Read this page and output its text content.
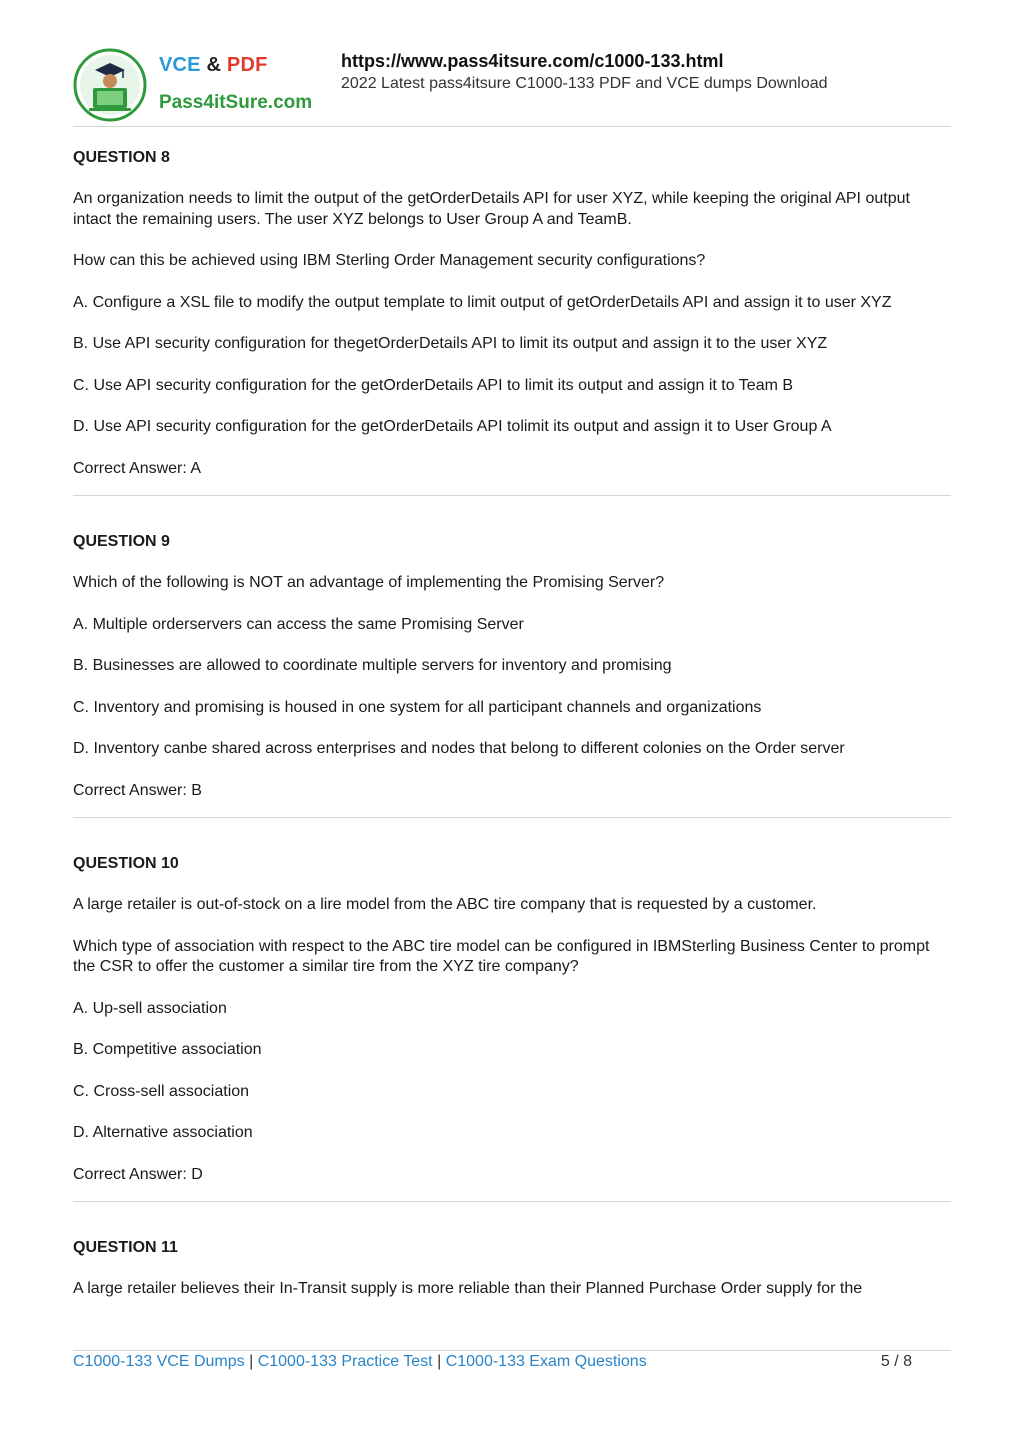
VCE & PDF
Pass4itSure.com
https://www.pass4itsure.com/c1000-133.html
2022 Latest pass4itsure C1000-133 PDF and VCE dumps Download
QUESTION 8
An organization needs to limit the output of the getOrderDetails API for user XYZ, while keeping the original API output intact the remaining users. The user XYZ belongs to User Group A and TeamB.
How can this be achieved using IBM Sterling Order Management security configurations?
A. Configure a XSL file to modify the output template to limit output of getOrderDetails API and assign it to user XYZ
B. Use API security configuration for thegetOrderDetails API to limit its output and assign it to the user XYZ
C. Use API security configuration for the getOrderDetails API to limit its output and assign it to Team B
D. Use API security configuration for the getOrderDetails API tolimit its output and assign it to User Group A
Correct Answer: A
QUESTION 9
Which of the following is NOT an advantage of implementing the Promising Server?
A. Multiple orderservers can access the same Promising Server
B. Businesses are allowed to coordinate multiple servers for inventory and promising
C. Inventory and promising is housed in one system for all participant channels and organizations
D. Inventory canbe shared across enterprises and nodes that belong to different colonies on the Order server
Correct Answer: B
QUESTION 10
A large retailer is out-of-stock on a lire model from the ABC tire company that is requested by a customer.
Which type of association with respect to the ABC tire model can be configured in IBMSterling Business Center to prompt the CSR to offer the customer a similar tire from the XYZ tire company?
A. Up-sell association
B. Competitive association
C. Cross-sell association
D. Alternative association
Correct Answer: D
QUESTION 11
A large retailer believes their In-Transit supply is more reliable than their Planned Purchase Order supply for the
C1000-133 VCE Dumps | C1000-133 Practice Test | C1000-133 Exam Questions	5 / 8
